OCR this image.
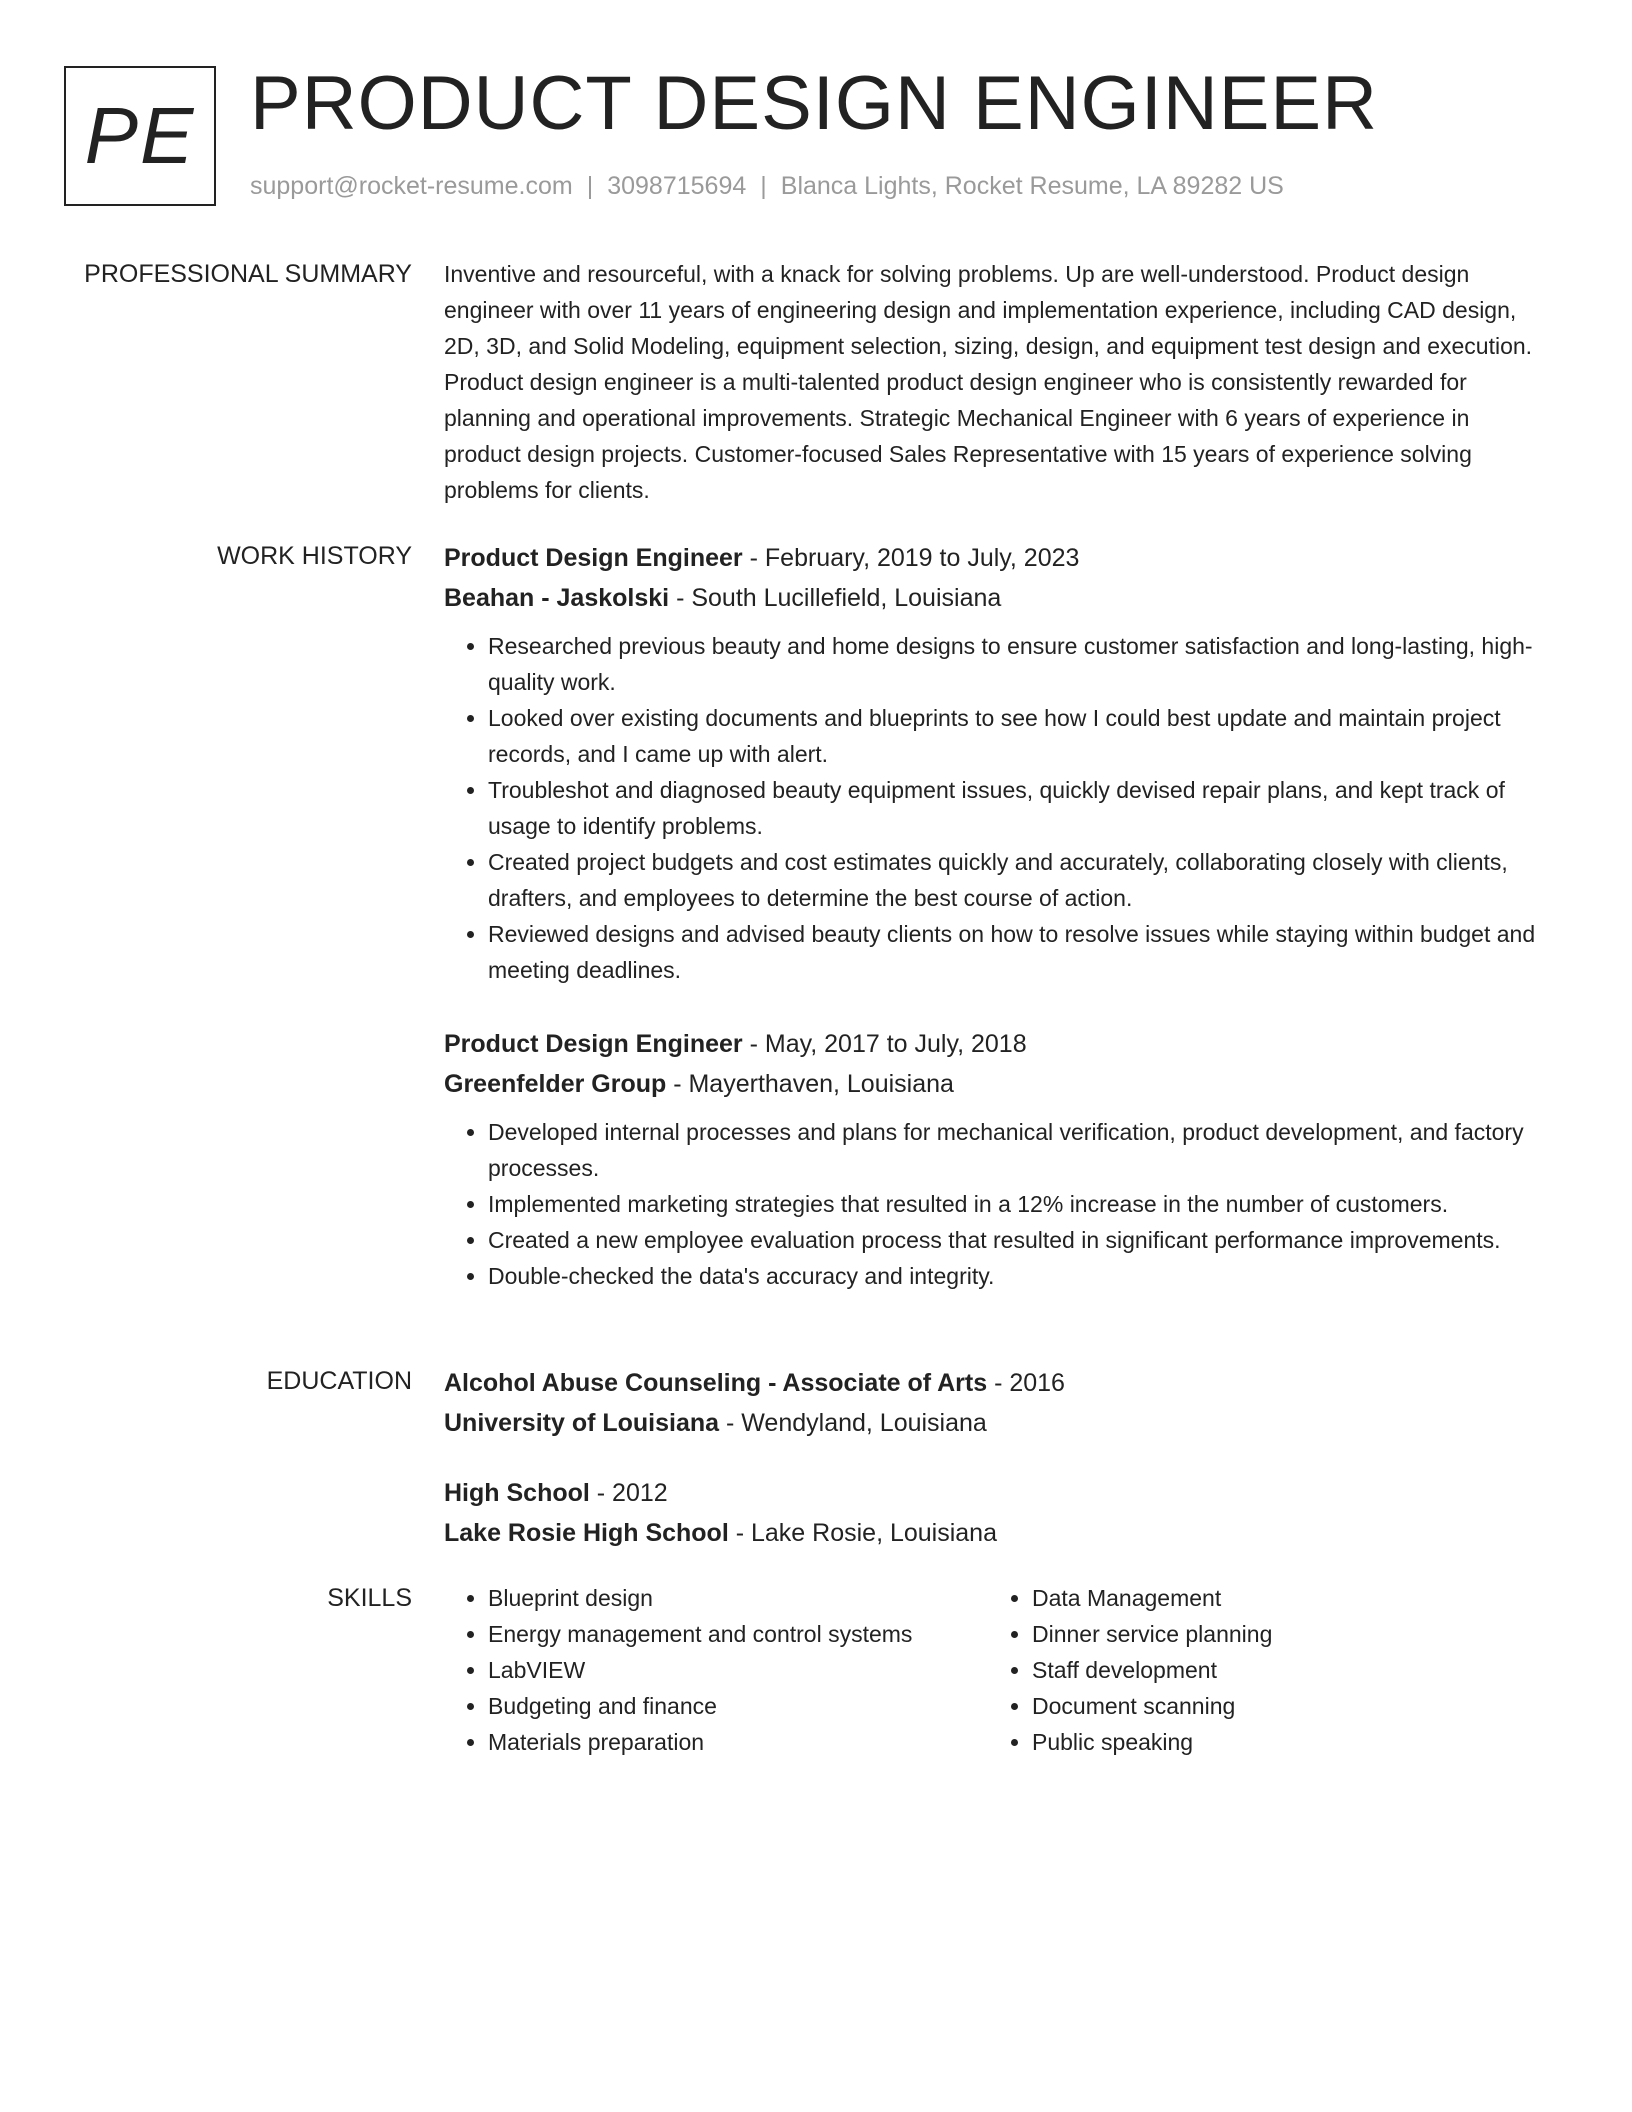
PE PRODUCT DESIGN ENGINEER
support@rocket-resume.com | 3098715694 | Blanca Lights, Rocket Resume, LA 89282 US
PROFESSIONAL SUMMARY Inventive and resourceful, with a knack for solving problems. Up are well-understood. Product design engineer with over 11 years of engineering design and implementation experience, including CAD design, 2D, 3D, and Solid Modeling, equipment selection, sizing, design, and equipment test design and execution. Product design engineer is a multi-talented product design engineer who is consistently rewarded for planning and operational improvements. Strategic Mechanical Engineer with 6 years of experience in product design projects. Customer-focused Sales Representative with 15 years of experience solving problems for clients.

WORK HISTORY Product Design Engineer - February, 2019 to July, 2023

Beahan - Jaskolski - South Lucillefield, Louisiana

• Researched previous beauty and home designs to ensure customer satisfaction and long-lasting, high-quality work.
• Looked over existing documents and blueprints to see how I could best update and maintain project records, and I came up with alert.
• Troubleshot and diagnosed beauty equipment issues, quickly devised repair plans, and kept track of usage to identify problems.
• Created project budgets and cost estimates quickly and accurately, collaborating closely with clients, drafters, and employees to determine the best course of action.
• Reviewed designs and advised beauty clients on how to resolve issues while staying within budget and meeting deadlines.

Product Design Engineer - May, 2017 to July, 2018

Greenfelder Group - Mayerthaven, Louisiana

• Developed internal processes and plans for mechanical verification, product development, and factory processes.
• Implemented marketing strategies that resulted in a 12% increase in the number of customers.
• Created a new employee evaluation process that resulted in significant performance improvements.
• Double-checked the data's accuracy and integrity.
EDUCATION Alcohol Abuse Counseling - Associate of Arts - 2016

University of Louisiana - Wendyland, Louisiana

High School - 2012

Lake Rosie High School - Lake Rosie, Louisiana

SKILLS
•	Blueprint design
• Energy management and control systems
• LabVIEW
• Budgeting and finance
• Materials preparation
• Data Management
• Dinner service planning
• Staff development
• Document scanning
• Public speaking
